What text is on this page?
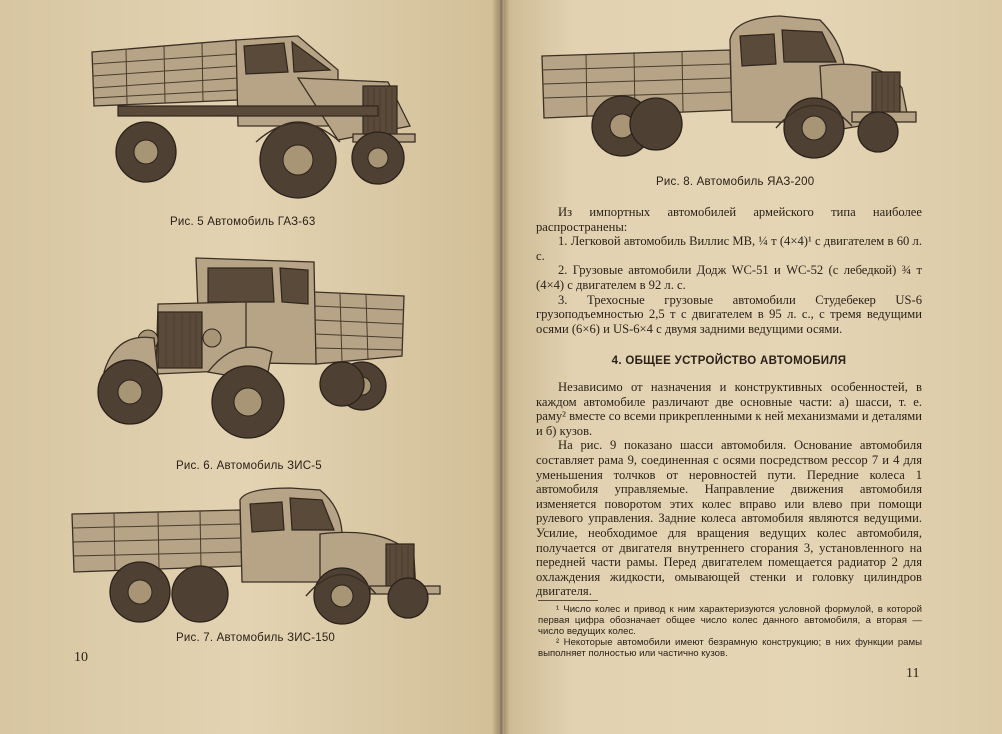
Рис. 5 Автомобиль ГАЗ-63
Рис. 6. Автомобиль ЗИС-5
Рис. 7. Автомобиль ЗИС-150
10
Рис. 8. Автомобиль ЯАЗ-200

Из импортных автомобилей армейского типа наиболее распространены:

1. Легковой автомобиль Виллис МВ, ¼ т (4×4)¹ с двигателем в 60 л. с.

2. Грузовые автомобили Додж WC-51 и WC-52 (с лебедкой) ¾ т (4×4) с двигателем в 92 л. с.

3. Трехосные грузовые автомобили Студебекер US-6 грузоподъемностью 2,5 т с двигателем в 95 л. с., с тремя ведущими осями (6×6) и US-6×4 с двумя задними ведущими осями.

4. ОБЩЕЕ УСТРОЙСТВО АВТОМОБИЛЯ

Независимо от назначения и конструктивных особенностей, в каждом автомобиле различают две основные части: а) шасси, т. е. раму² вместе со всеми прикрепленными к ней механизмами и деталями и б) кузов.

На рис. 9 показано шасси автомобиля. Основание автомобиля составляет рама 9, соединенная с осями посредством рессор 7 и 4 для уменьшения толчков от неровностей пути. Передние колеса 1 автомобиля управляемые. Направление движения автомобиля изменяется поворотом этих колес вправо или влево при помощи рулевого управления. Задние колеса автомобиля являются ведущими. Усилие, необходимое для вращения ведущих колес автомобиля, получается от двигателя внутреннего сгорания 3, установленного на передней части рамы. Перед двигателем помещается радиатор 2 для охлаждения жидкости, омывающей стенки и головку цилиндров двигателя.

¹ Число колес и привод к ним характеризуются условной формулой, в которой первая цифра обозначает общее число колес данного автомобиля, а вторая — число ведущих колес.

² Некоторые автомобили имеют безрамную конструкцию; в них функции рамы выполняет полностью или частично кузов.

11
